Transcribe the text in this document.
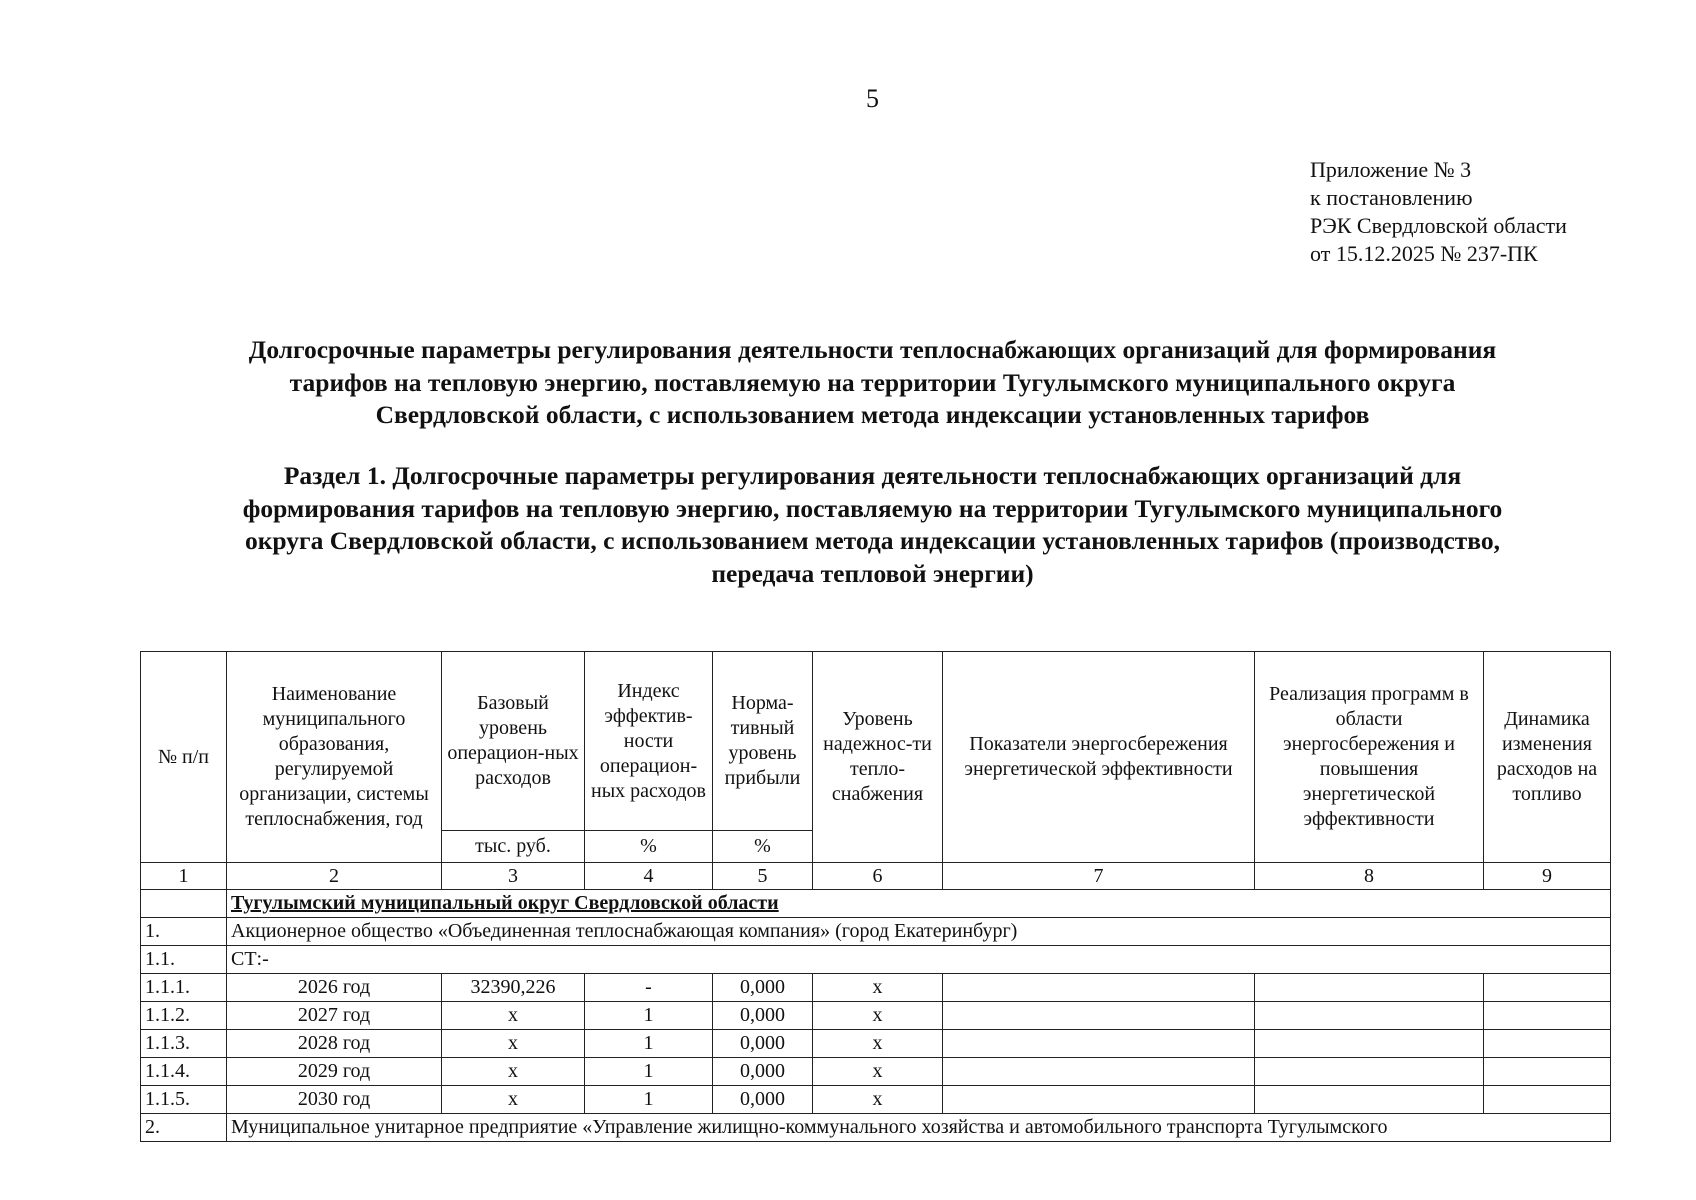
5
Приложение № 3
к постановлению
РЭК Свердловской области
от 15.12.2025 № 237-ПК
Долгосрочные параметры регулирования деятельности теплоснабжающих организаций для формирования
тарифов на тепловую энергию, поставляемую на территории Тугулымского муниципального округа
Свердловской области, с использованием метода индексации установленных тарифов
Раздел 1. Долгосрочные параметры регулирования деятельности теплоснабжающих организаций для
формирования тарифов на тепловую энергию, поставляемую на территории Тугулымского муниципального
округа Свердловской области, с использованием метода индексации установленных тарифов (производство,
передача тепловой энергии)
№ п/п	Наименование муниципального образования, регулируемой организации, системы теплоснабжения, год	Базовый уровень операцион-ных расходов	Индекс эффектив-ности операцион-ных расходов	Норма-тивный уровень прибыли	Уровень надежнос-ти тепло-снабжения	Показатели энергосбережения энергетической эффективности	Реализация программ в области энергосбережения и повышения энергетической эффективности	Динамика изменения расходов на топливо
		тыс. руб.	%	%				
1	2	3	4	5	6	7	8	9
	Тугулымский муниципальный округ Свердловской области							
1.	Акционерное общество «Объединенная теплоснабжающая компания» (город Екатеринбург)							
1.1.	СТ:-							
1.1.1.	2026 год	32390,226	-	0,000	x			
1.1.2.	2027 год	x	1	0,000	x			
1.1.3.	2028 год	x	1	0,000	x			
1.1.4.	2029 год	x	1	0,000	x			
1.1.5.	2030 год	x	1	0,000	x			
2.	Муниципальное унитарное предприятие «Управление жилищно-коммунального хозяйства и автомобильного транспорта Тугулымского							
